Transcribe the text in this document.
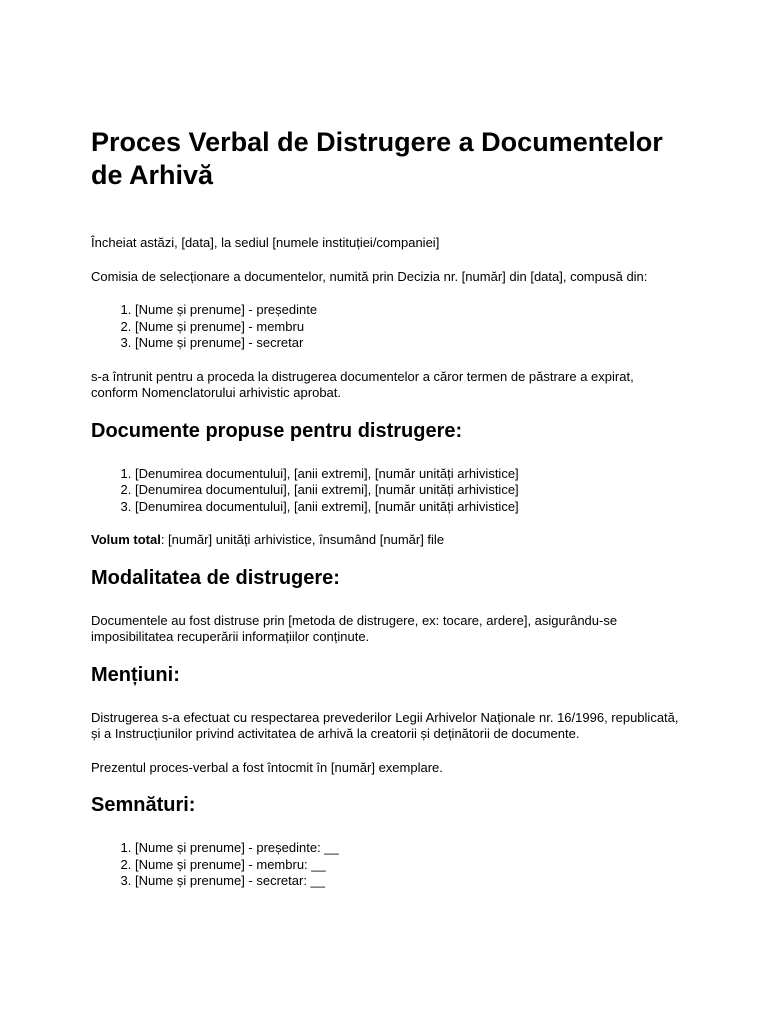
Proces Verbal de Distrugere a Documentelor de Arhivă

Încheiat astăzi, [data], la sediul [numele instituției/companiei]

Comisia de selecționare a documentelor, numită prin Decizia nr. [număr] din [data], compusă din:

1. [Nume și prenume] - președinte
2. [Nume și prenume] - membru
3. [Nume și prenume] - secretar

s-a întrunit pentru a proceda la distrugerea documentelor a căror termen de păstrare a expirat, conform Nomenclatorului arhivistic aprobat.

Documente propuse pentru distrugere:
1. [Denumirea documentului], [anii extremi], [număr unități arhivistice]
2. [Denumirea documentului], [anii extremi], [număr unități arhivistice]
3. [Denumirea documentului], [anii extremi], [număr unități arhivistice]

Volum total: [număr] unități arhivistice, însumând [număr] file

Modalitatea de distrugere:

Documentele au fost distruse prin [metoda de distrugere, ex: tocare, ardere], asigurându-se imposibilitatea recuperării informațiilor conținute.

Mențiuni:

Distrugerea s-a efectuat cu respectarea prevederilor Legii Arhivelor Naționale nr. 16/1996, republicată, și a Instrucțiunilor privind activitatea de arhivă la creatorii și deținătorii de documente.

Prezentul proces-verbal a fost întocmit în [număr] exemplare.

Semnături:
1. [Nume și prenume] - președinte: __
2. [Nume și prenume] - membru: __
3. [Nume și prenume] - secretar: __
